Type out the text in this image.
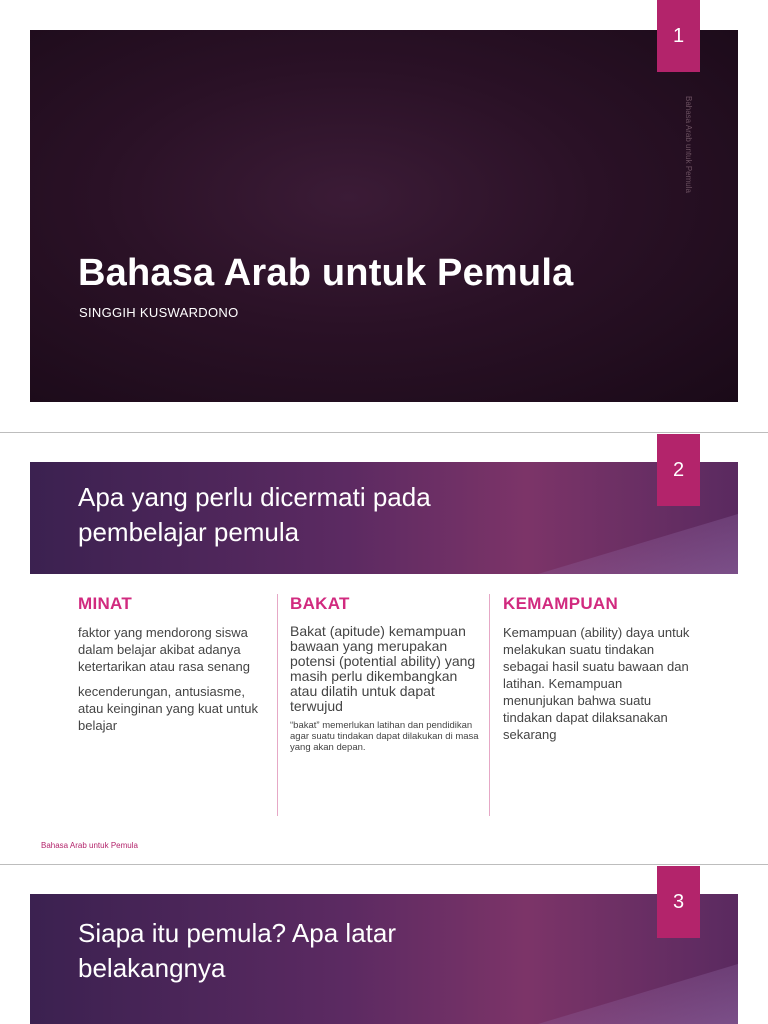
Bahasa Arab untuk Pemula
SINGGIH KUSWARDONO
Bahasa Arab untuk Pemula
1
Apa yang perlu dicermati pada
pembelajar pemula
2
MINAT

faktor yang mendorong siswa dalam belajar akibat adanya ketertarikan atau rasa senang

kecenderungan, antusiasme, atau keinginan yang kuat untuk belajar

BAKAT

Bakat (apitude) kemampuan bawaan yang merupakan potensi (potential ability) yang masih perlu dikembangkan atau dilatih untuk dapat terwujud

“bakat” memerlukan latihan dan pendidikan agar suatu tindakan dapat dilakukan di masa yang akan depan.

KEMAMPUAN

Kemampuan (ability) daya untuk melakukan suatu tindakan sebagai hasil suatu bawaan dan latihan. Kemampuan menunjukan bahwa suatu tindakan dapat dilaksanakan sekarang

Bahasa Arab untuk Pemula
Siapa itu pemula? Apa latar
belakangnya
3
